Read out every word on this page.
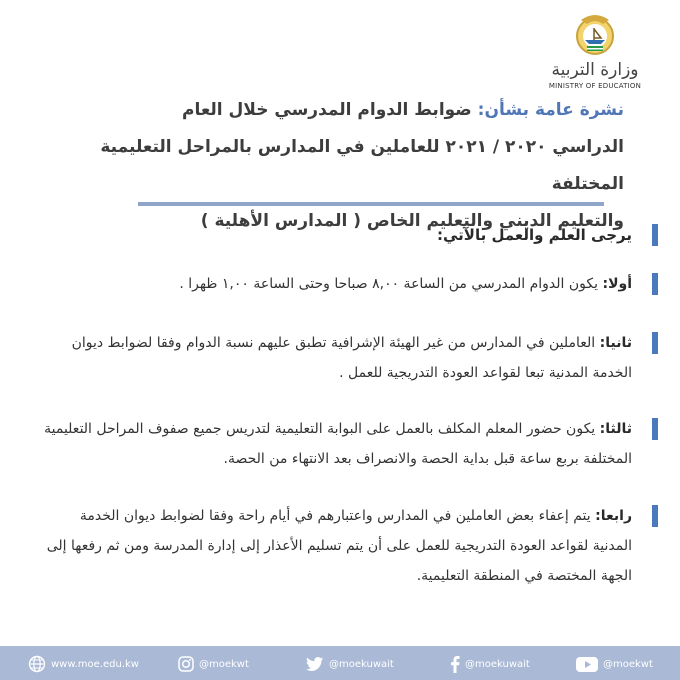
وزارة التربية
MINISTRY OF EDUCATION
نشرة عامة بشأن: ضوابط الدوام المدرسي خلال العام
الدراسي ٢٠٢٠ / ٢٠٢١ للعاملين في المدارس بالمراحل التعليمية المختلفة
والتعليم الديني والتعليم الخاص ( المدارس الأهلية )
يرجى العلم والعمل بالآتي:
أولا: يكون الدوام المدرسي من الساعة ٨,٠٠ صباحا وحتى الساعة ١,٠٠ ظهرا .
ثانيا: العاملين في المدارس من غير الهيئة الإشرافية تطبق عليهم نسبة الدوام وفقا لضوابط ديوان الخدمة المدنية تبعا لقواعد العودة التدريجية للعمل .
ثالثا: يكون حضور المعلم المكلف بالعمل على البوابة التعليمية لتدريس جميع صفوف المراحل التعليمية المختلفة بربع ساعة قبل بداية الحصة والانصراف بعد الانتهاء من الحصة.
رابعا: يتم إعفاء بعض العاملين في المدارس واعتبارهم في أيام راحة وفقا لضوابط ديوان الخدمة المدنية لقواعد العودة التدريجية للعمل على أن يتم تسليم الأعذار إلى إدارة المدرسة ومن ثم رفعها إلى الجهة المختصة في المنطقة التعليمية.
www.moe.edu.kw	@moekwt	@moekuwait	@moekuwait	@moekwt
